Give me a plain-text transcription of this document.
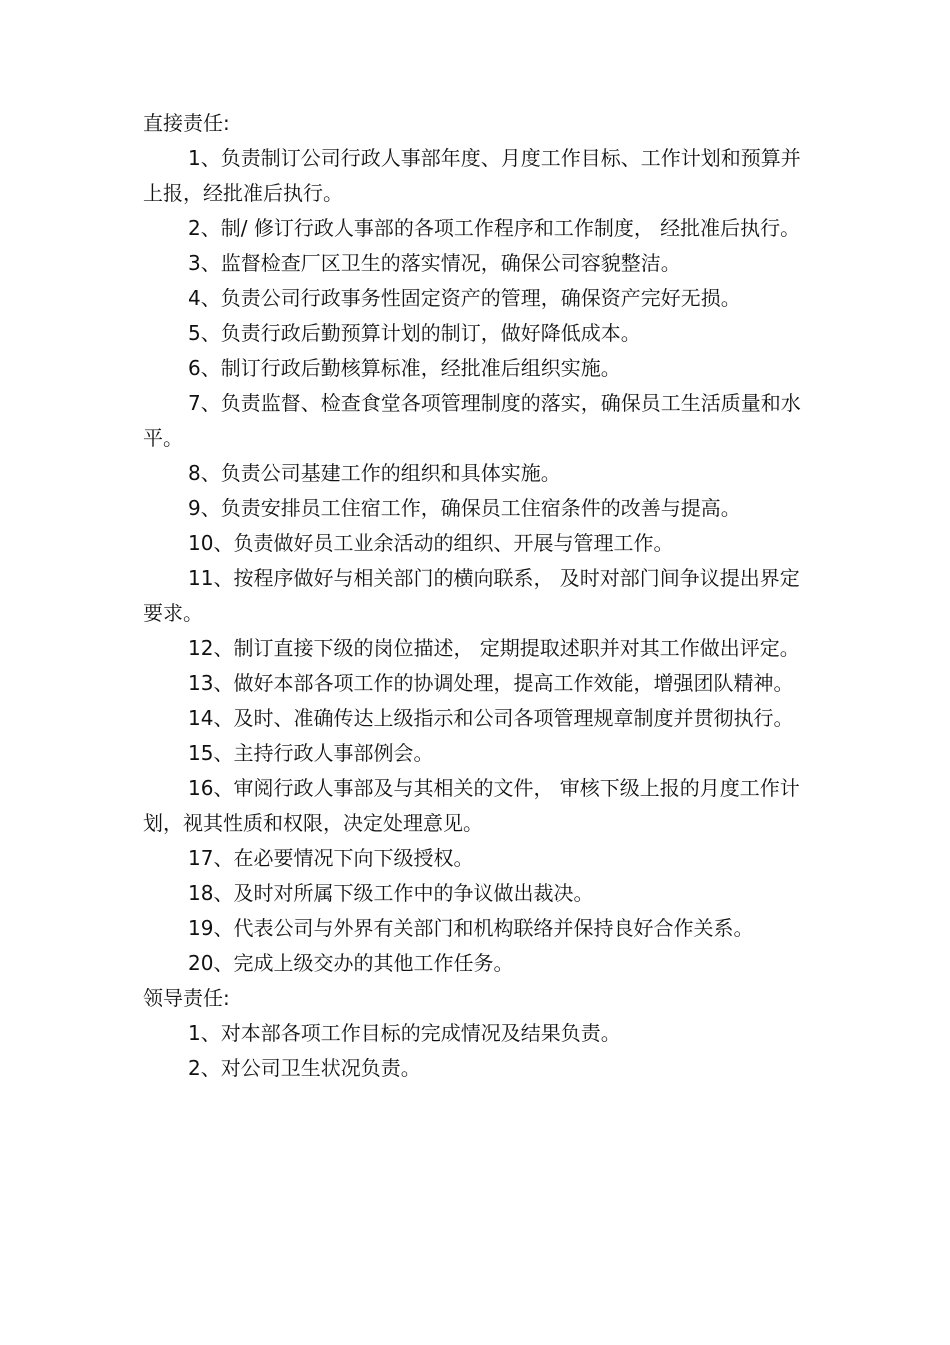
直接责任:

1、负责制订公司行政人事部年度、月度工作目标、工作计划和预算并上报，经批准后执行。

2、制/ 修订行政人事部的各项工作程序和工作制度， 经批准后执行。

3、监督检查厂区卫生的落实情况，确保公司容貌整洁。

4、负责公司行政事务性固定资产的管理，确保资产完好无损。

5、负责行政后勤预算计划的制订，做好降低成本。

6、制订行政后勤核算标准，经批准后组织实施。

7、负责监督、检查食堂各项管理制度的落实，确保员工生活质量和水平。

8、负责公司基建工作的组织和具体实施。

9、负责安排员工住宿工作，确保员工住宿条件的改善与提高。

10、负责做好员工业余活动的组织、开展与管理工作。

11、按程序做好与相关部门的横向联系， 及时对部门间争议提出界定要求。

12、制订直接下级的岗位描述， 定期提取述职并对其工作做出评定。

13、做好本部各项工作的协调处理，提高工作效能，增强团队精神。

14、及时、准确传达上级指示和公司各项管理规章制度并贯彻执行。

15、主持行政人事部例会。

16、审阅行政人事部及与其相关的文件， 审核下级上报的月度工作计划，视其性质和权限，决定处理意见。

17、在必要情况下向下级授权。

18、及时对所属下级工作中的争议做出裁决。

19、代表公司与外界有关部门和机构联络并保持良好合作关系。

20、完成上级交办的其他工作任务。

领导责任:

1、对本部各项工作目标的完成情况及结果负责。

2、对公司卫生状况负责。
